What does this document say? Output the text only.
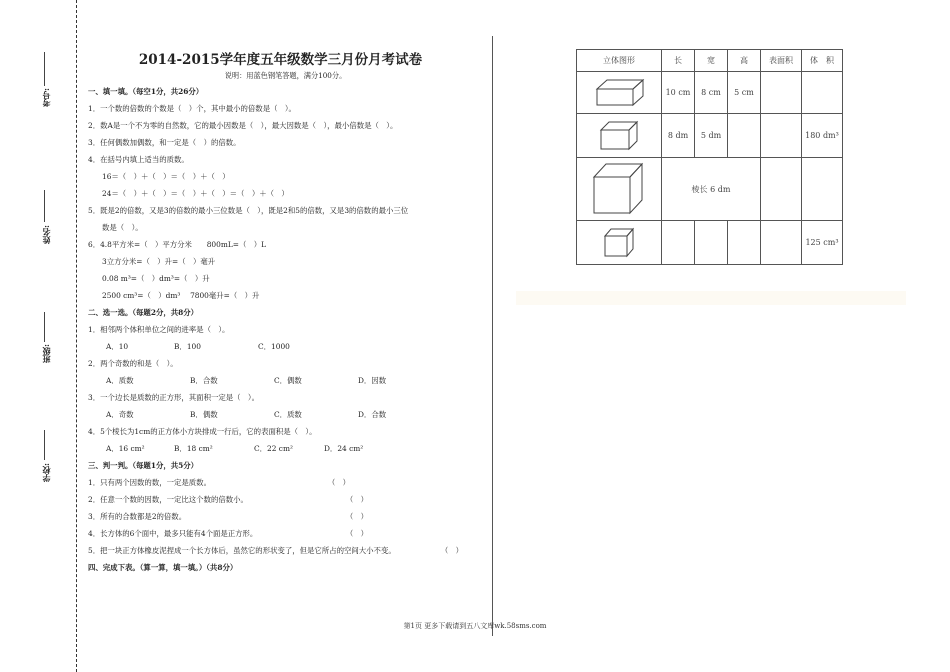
考号:
姓名:
班级:
学校:
2014-2015学年度五年级数学三月份月考试卷
说明：用蓝色钢笔答题，满分100分。
一、填一填。（每空1分，共26分）
1．一个数的倍数的个数是（　）个，其中最小的倍数是（　）。
2．数A是一个不为零的自然数，它的最小因数是（　），最大因数是（　），最小倍数是（　）。
3．任何偶数加偶数，和一定是（　）的倍数。
4．在括号内填上适当的质数。
16＝（　）＋（　）＝（　）＋（　）
24＝（　）＋（　）＝（　）＋（　）＝（　）＋（　）
5．既是2的倍数，又是3的倍数的最小三位数是（　），既是2和5的倍数，又是3的倍数的最小三位
数是（　）。
6．4.8平方米=（　）平方分米　　800mL=（　）L
3立方分米=（　）升=（　）毫升
0.08 m³=（　）dm³=（　）升
2500 cm³=（　）dm³　 7800毫升=（　）升
二、选一选。（每题2分，共8分）
1．相邻两个体积单位之间的进率是（　）。
A．10	B．100	C．1000
2．两个奇数的和是（　）。
A．质数	B．合数	C．偶数	D．因数
3．一个边长是质数的正方形，其面积一定是（　）。
A．奇数	B．偶数	C．质数	D．合数
4．5个棱长为1cm的正方体小方块排成一行后，它的表面积是（　）。
A．16 cm²	B．18 cm²	C．22 cm²	D．24 cm²
三、判一判。（每题1分，共5分）
1．只有两个因数的数，一定是质数。	（　）
2．任意一个数的因数，一定比这个数的倍数小。	（　）
3．所有的合数都是2的倍数。	（　）
4．长方体的6个面中，最多只能有4个面是正方形。	（　）
5．把一块正方体橡皮泥捏成一个长方体后，虽然它的形状变了，但是它所占的空间大小不变。	（　）
四、完成下表。（算一算，填一填。）（共8分）
立体图形	长	宽	高	表面积	体　积
	10 cm	8 cm	5 cm		
	8 dm	5 dm			180 dm³
	棱长 6 dm				
					125 cm³
第1页 更多下载请到五八文库wk.58sms.com
